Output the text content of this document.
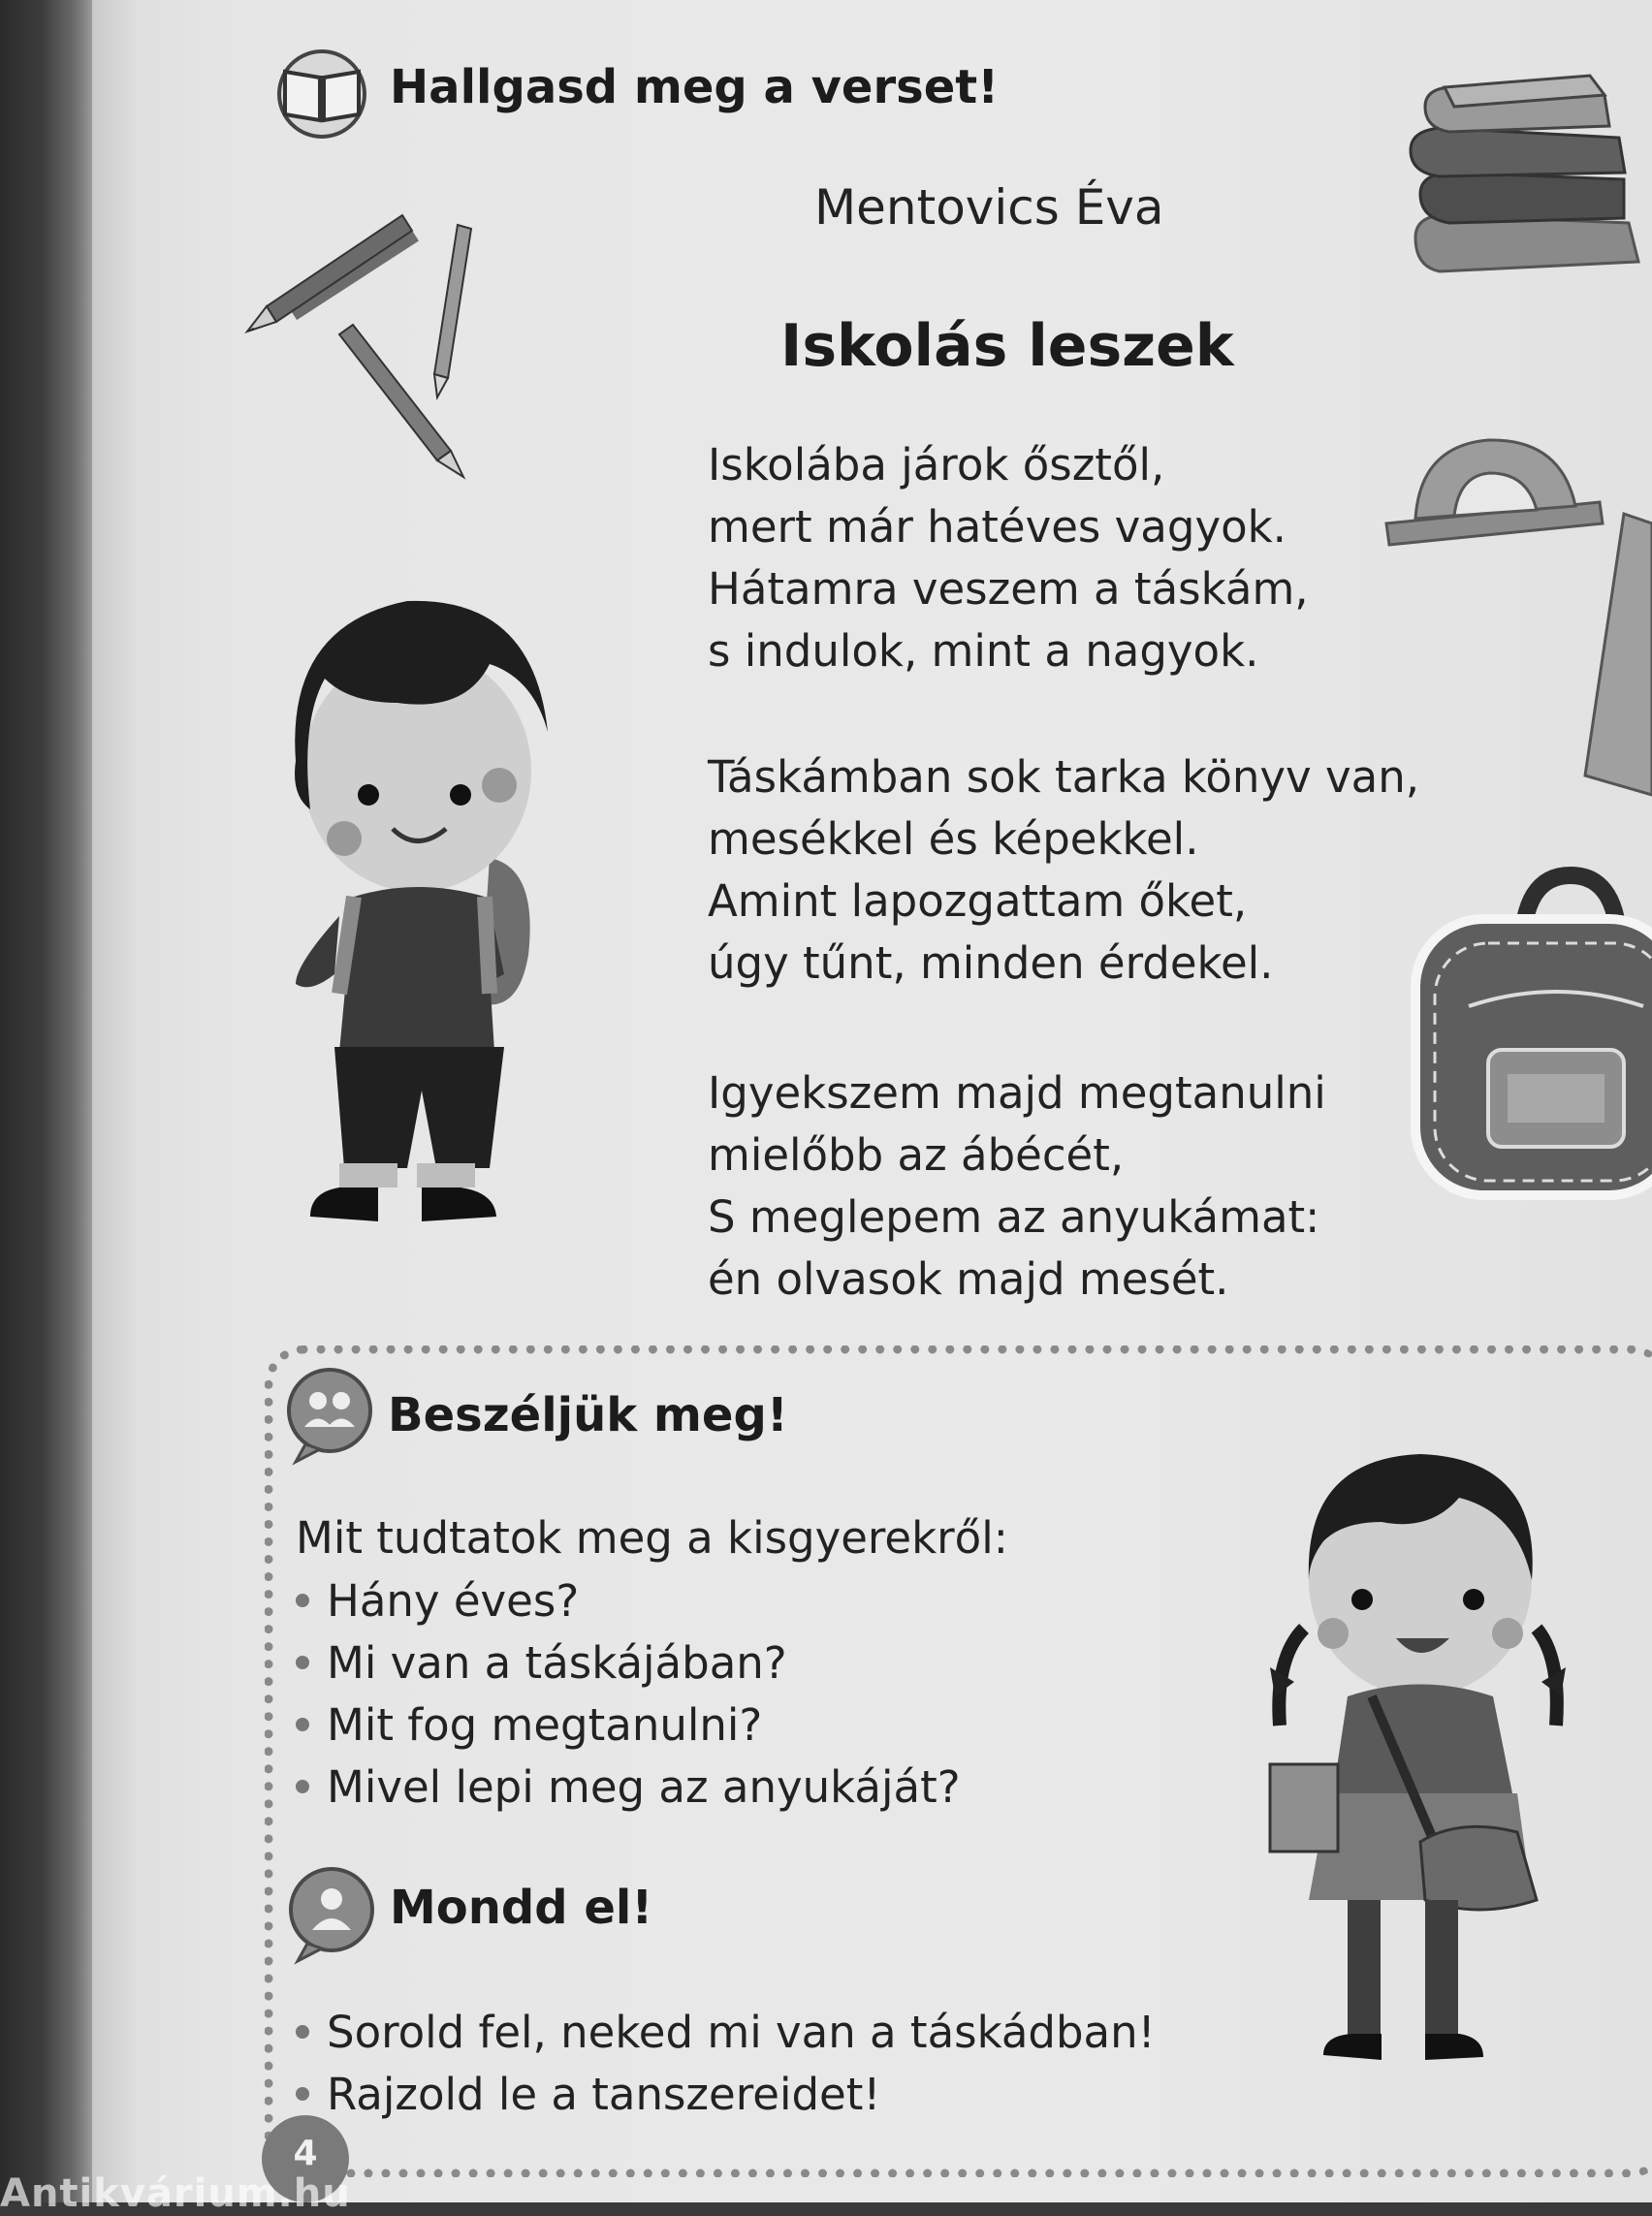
Hallgasd meg a verset!
Mentovics Éva
Iskolás leszek
Iskolába járok ősztől,
mert már hatéves vagyok.
Hátamra veszem a táskám,
s indulok, mint a nagyok.
Táskámban sok tarka könyv van,
mesékkel és képekkel.
Amint lapozgattam őket,
úgy tűnt, minden érdekel.
Igyekszem majd megtanulni
mielőbb az ábécét,
S meglepem az anyukámat:
én olvasok majd mesét.
Beszéljük meg!
Mit tudtatok meg a kisgyerekről:
Hány éves?
Mi van a táskájában?
Mit fog megtanulni?
Mivel lepi meg az anyukáját?
Mondd el!
Sorold fel, neked mi van a táskádban!
Rajzold le a tanszereidet!
4
Antikvárium.hu
